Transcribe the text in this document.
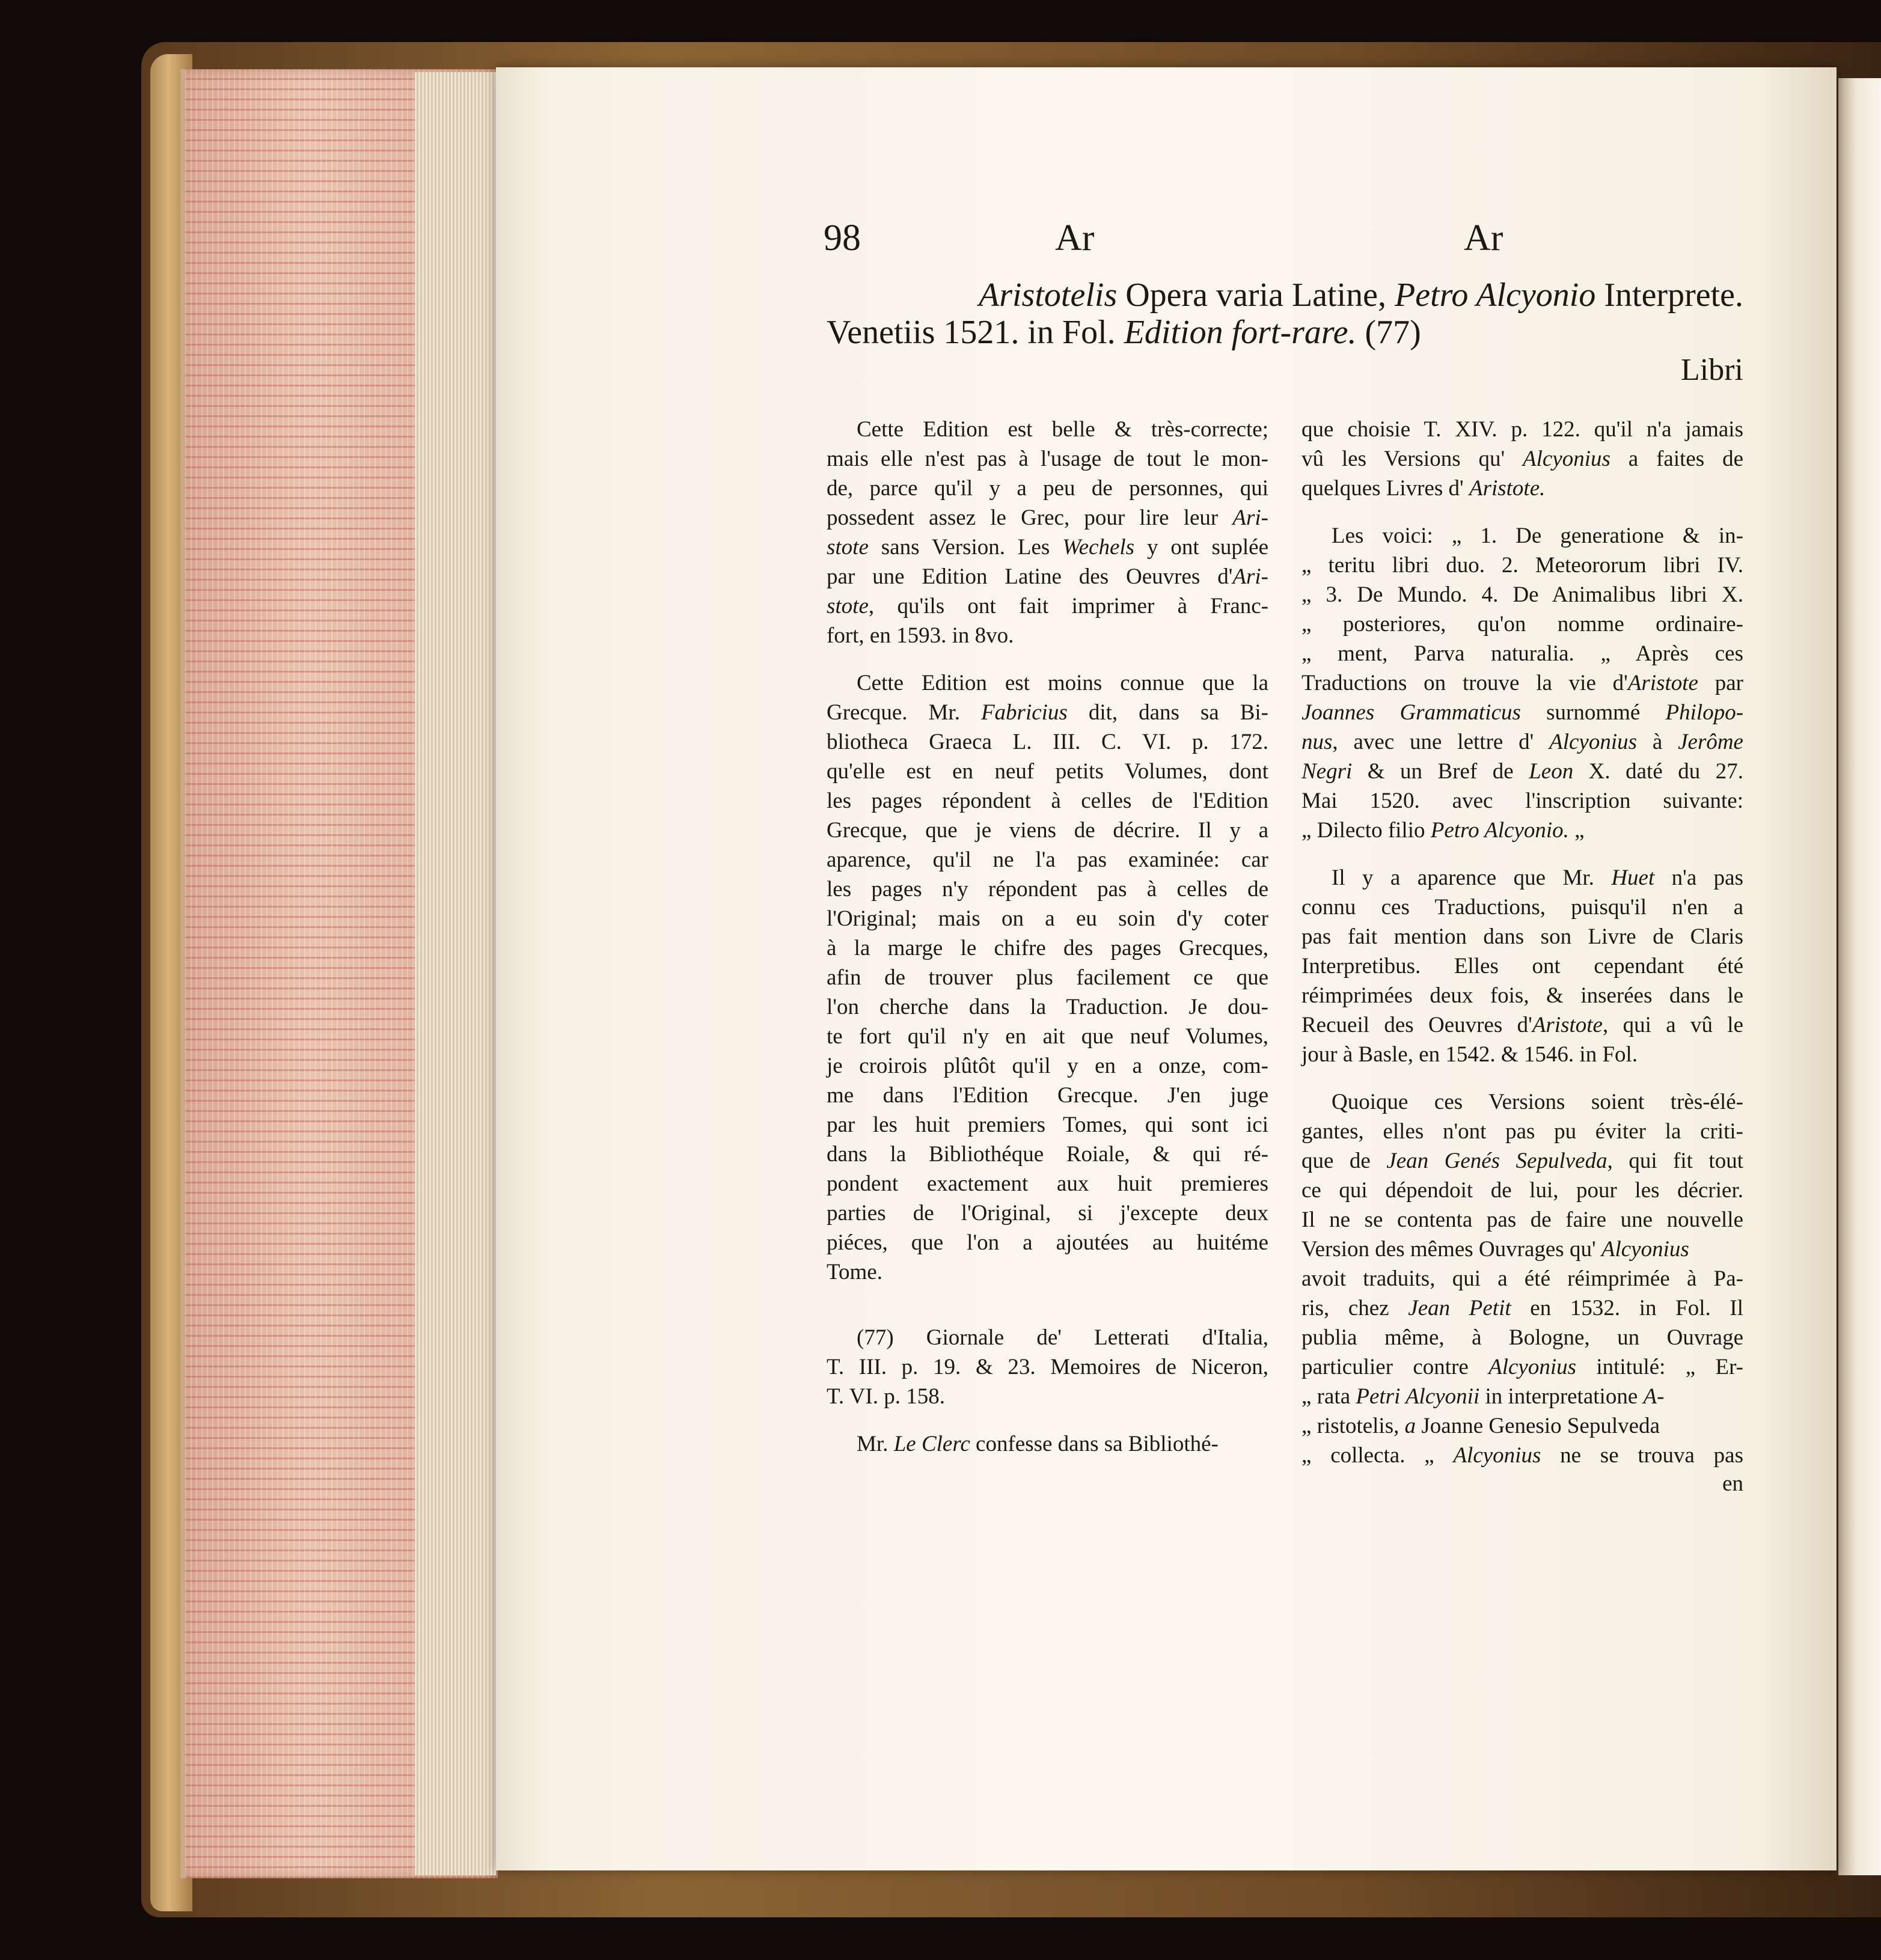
98	Ar	Ar
Aristotelis Opera varia Latine, Petro Alcyonio Interprete.
Venetiis 1521. in Fol. Edition fort-rare. (77)
Libri
Cette Edition est belle & très-correcte;
mais elle n'est pas à l'usage de tout le mon-
de, parce qu'il y a peu de personnes, qui
possedent assez le Grec, pour lire leur Ari-
stote sans Version. Les Wechels y ont suplée
par une Edition Latine des Oeuvres d'Ari-
stote, qu'ils ont fait imprimer à Franc-
fort, en 1593. in 8vo.
Cette Edition est moins connue que la
Grecque. Mr. Fabricius dit, dans sa Bi-
bliotheca Graeca L. III. C. VI. p. 172.
qu'elle est en neuf petits Volumes, dont
les pages répondent à celles de l'Edition
Grecque, que je viens de décrire. Il y a
aparence, qu'il ne l'a pas examinée: car
les pages n'y répondent pas à celles de
l'Original; mais on a eu soin d'y coter
à la marge le chifre des pages Grecques,
afin de trouver plus facilement ce que
l'on cherche dans la Traduction. Je dou-
te fort qu'il n'y en ait que neuf Volumes,
je croirois plûtôt qu'il y en a onze, com-
me dans l'Edition Grecque. J'en juge
par les huit premiers Tomes, qui sont ici
dans la Bibliothéque Roiale, & qui ré-
pondent exactement aux huit premieres
parties de l'Original, si j'excepte deux
piéces, que l'on a ajoutées au huitéme
Tome.
(77) Giornale de' Letterati d'Italia,
T. III. p. 19. & 23. Memoires de Niceron,
T. VI. p. 158.
Mr. Le Clerc confesse dans sa Bibliothé-
que choisie T. XIV. p. 122. qu'il n'a jamais
vû les Versions qu' Alcyonius a faites de
quelques Livres d' Aristote.
Les voici: „ 1. De generatione & in-
„ teritu libri duo. 2. Meteororum libri IV.
„ 3. De Mundo. 4. De Animalibus libri X.
„ posteriores, qu'on nomme ordinaire-
„ ment, Parva naturalia. „ Après ces
Traductions on trouve la vie d'Aristote par
Joannes Grammaticus surnommé Philopo-
nus, avec une lettre d' Alcyonius à Jerôme
Negri & un Bref de Leon X. daté du 27.
Mai 1520. avec l'inscription suivante:
„ Dilecto filio Petro Alcyonio. „
Il y a aparence que Mr. Huet n'a pas
connu ces Traductions, puisqu'il n'en a
pas fait mention dans son Livre de Claris
Interpretibus. Elles ont cependant été
réimprimées deux fois, & inserées dans le
Recueil des Oeuvres d'Aristote, qui a vû le
jour à Basle, en 1542. & 1546. in Fol.
Quoique ces Versions soient très-élé-
gantes, elles n'ont pas pu éviter la criti-
que de Jean Genés Sepulveda, qui fit tout
ce qui dépendoit de lui, pour les décrier.
Il ne se contenta pas de faire une nouvelle
Version des mêmes Ouvrages qu' Alcyonius
avoit traduits, qui a été réimprimée à Pa-
ris, chez Jean Petit en 1532. in Fol. Il
publia même, à Bologne, un Ouvrage
particulier contre Alcyonius intitulé: „ Er-
„ rata Petri Alcyonii in interpretatione A-
„ ristotelis, a Joanne Genesio Sepulveda
„ collecta. „ Alcyonius ne se trouva pas
en
